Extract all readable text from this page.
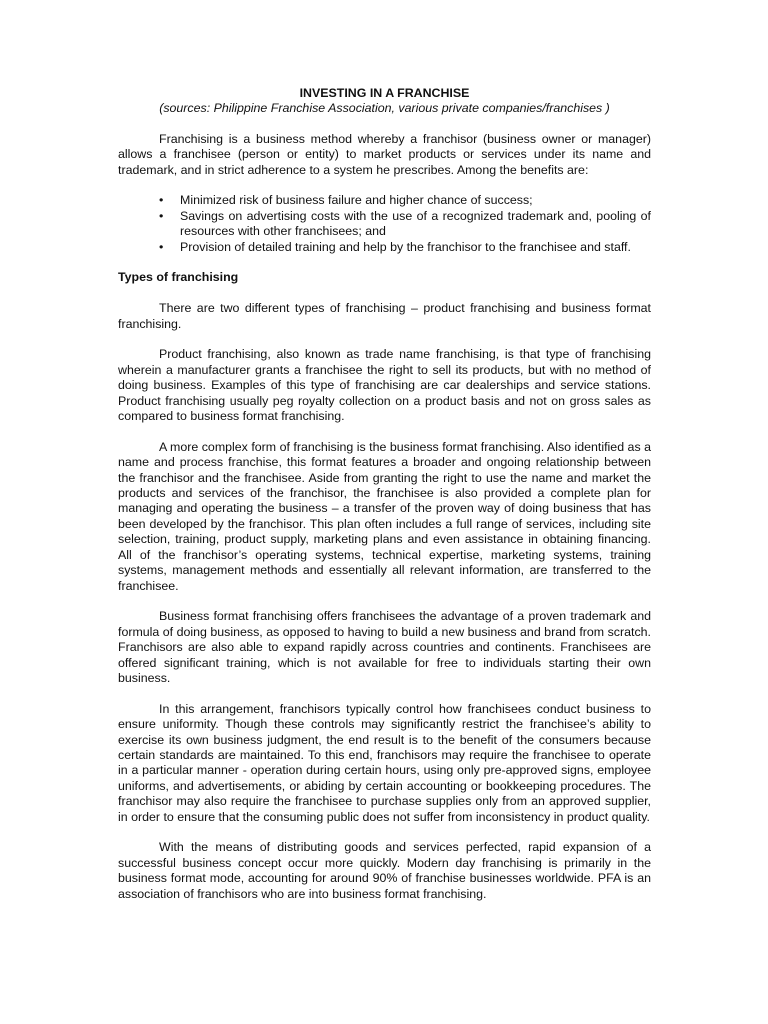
INVESTING IN A FRANCHISE
(sources: Philippine Franchise Association, various private companies/franchises )

Franchising is a business method whereby a franchisor (business owner or manager) allows a franchisee (person or entity) to market products or services under its name and trademark, and in strict adherence to a system he prescribes. Among the benefits are:

• Minimized risk of business failure and higher chance of success;
• Savings on advertising costs with the use of a recognized trademark and, pooling of resources with other franchisees; and
• Provision of detailed training and help by the franchisor to the franchisee and staff.
Types of franchising

There are two different types of franchising – product franchising and business format franchising.

Product franchising, also known as trade name franchising, is that type of franchising wherein a manufacturer grants a franchisee the right to sell its products, but with no method of doing business. Examples of this type of franchising are car dealerships and service stations. Product franchising usually peg royalty collection on a product basis and not on gross sales as compared to business format franchising.

A more complex form of franchising is the business format franchising. Also identified as a name and process franchise, this format features a broader and ongoing relationship between the franchisor and the franchisee. Aside from granting the right to use the name and market the products and services of the franchisor, the franchisee is also provided a complete plan for managing and operating the business – a transfer of the proven way of doing business that has been developed by the franchisor. This plan often includes a full range of services, including site selection, training, product supply, marketing plans and even assistance in obtaining financing. All of the franchisor’s operating systems, technical expertise, marketing systems, training systems, management methods and essentially all relevant information, are transferred to the franchisee.

Business format franchising offers franchisees the advantage of a proven trademark and formula of doing business, as opposed to having to build a new business and brand from scratch. Franchisors are also able to expand rapidly across countries and continents. Franchisees are offered significant training, which is not available for free to individuals starting their own business.

In this arrangement, franchisors typically control how franchisees conduct business to ensure uniformity. Though these controls may significantly restrict the franchisee’s ability to exercise its own business judgment, the end result is to the benefit of the consumers because certain standards are maintained. To this end, franchisors may require the franchisee to operate in a particular manner - operation during certain hours, using only pre-approved signs, employee uniforms, and advertisements, or abiding by certain accounting or bookkeeping procedures. The franchisor may also require the franchisee to purchase supplies only from an approved supplier, in order to ensure that the consuming public does not suffer from inconsistency in product quality.

With the means of distributing goods and services perfected, rapid expansion of a successful business concept occur more quickly. Modern day franchising is primarily in the business format mode, accounting for around 90% of franchise businesses worldwide. PFA is an association of franchisors who are into business format franchising.
